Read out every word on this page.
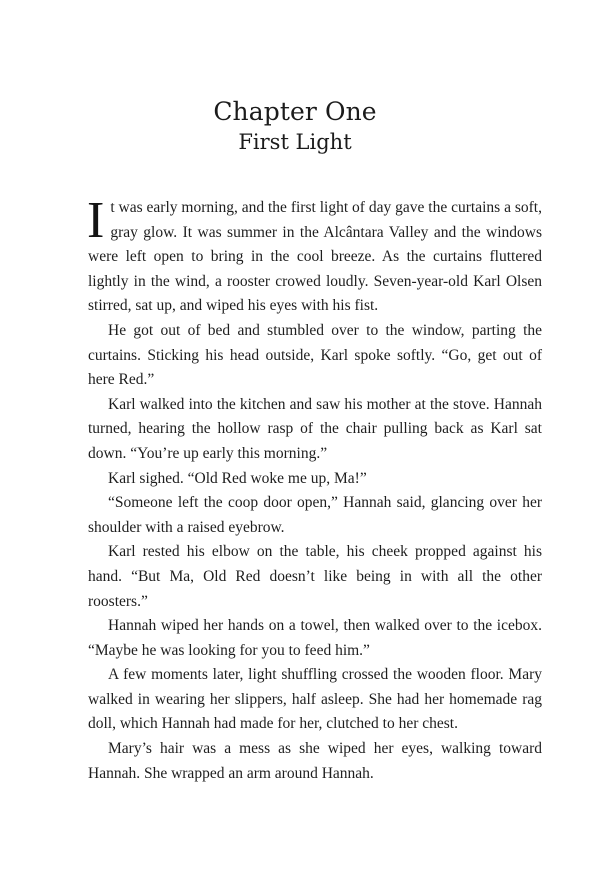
Chapter One
First Light

It was early morning, and the first light of day gave the curtains a soft, gray glow. It was summer in the Alcântara Valley and the windows were left open to bring in the cool breeze. As the curtains fluttered lightly in the wind, a rooster crowed loudly. Seven-year-old Karl Olsen stirred, sat up, and wiped his eyes with his fist.

He got out of bed and stumbled over to the window, parting the curtains. Sticking his head outside, Karl spoke softly. “Go, get out of here Red.”

Karl walked into the kitchen and saw his mother at the stove. Hannah turned, hearing the hollow rasp of the chair pulling back as Karl sat down. “You’re up early this morning.”

Karl sighed. “Old Red woke me up, Ma!”

“Someone left the coop door open,” Hannah said, glancing over her shoulder with a raised eyebrow.

Karl rested his elbow on the table, his cheek propped against his hand. “But Ma, Old Red doesn’t like being in with all the other roosters.”

Hannah wiped her hands on a towel, then walked over to the icebox. “Maybe he was looking for you to feed him.”

A few moments later, light shuffling crossed the wooden floor. Mary walked in wearing her slippers, half asleep. She had her homemade rag doll, which Hannah had made for her, clutched to her chest.

Mary’s hair was a mess as she wiped her eyes, walking toward Hannah. She wrapped an arm around Hannah.
